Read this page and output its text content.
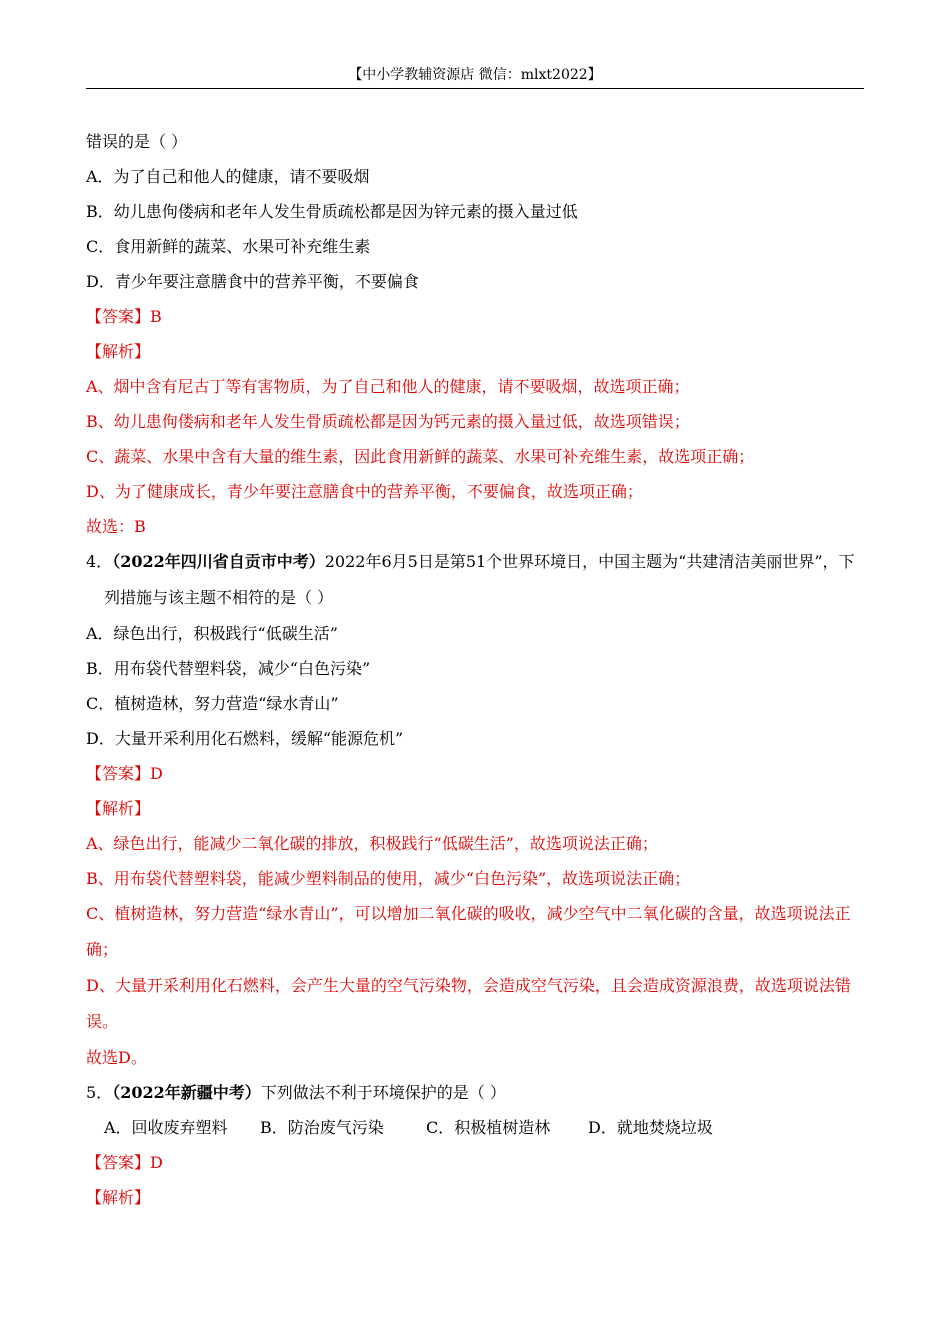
【中小学教辅资源店 微信：mlxt2022】
错误的是（ ）
A．为了自己和他人的健康，请不要吸烟
B．幼儿患佝偻病和老年人发生骨质疏松都是因为锌元素的摄入量过低
C．食用新鲜的蔬菜、水果可补充维生素
D．青少年要注意膳食中的营养平衡，不要偏食
【答案】B
【解析】
A、烟中含有尼古丁等有害物质，为了自己和他人的健康，请不要吸烟，故选项正确；
B、幼儿患佝偻病和老年人发生骨质疏松都是因为钙元素的摄入量过低，故选项错误；
C、蔬菜、水果中含有大量的维生素，因此食用新鲜的蔬菜、水果可补充维生素，故选项正确；
D、为了健康成长，青少年要注意膳食中的营养平衡，不要偏食，故选项正确；
故选：B
4．（2022年四川省自贡市中考）2022年6月5日是第51个世界环境日，中国主题为“共建清洁美丽世界”，下列措施与该主题不相符的是（ ）
A．绿色出行，积极践行“低碳生活”
B．用布袋代替塑料袋，减少“白色污染”
C．植树造林，努力营造“绿水青山”
D．大量开采利用化石燃料，缓解“能源危机”
【答案】D
【解析】
A、绿色出行，能减少二氧化碳的排放，积极践行“低碳生活”，故选项说法正确；
B、用布袋代替塑料袋，能减少塑料制品的使用，减少“白色污染”，故选项说法正确；
C、植树造林，努力营造“绿水青山”，可以增加二氧化碳的吸收，减少空气中二氧化碳的含量，故选项说法正确；
D、大量开采利用化石燃料，会产生大量的空气污染物，会造成空气污染，且会造成资源浪费，故选项说法错误。
故选D。
5．（2022年新疆中考）下列做法不利于环境保护的是（ ）
A．回收废弃塑料 B．防治废气污染	C．积极植树造林 D．就地焚烧垃圾
【答案】D
【解析】
